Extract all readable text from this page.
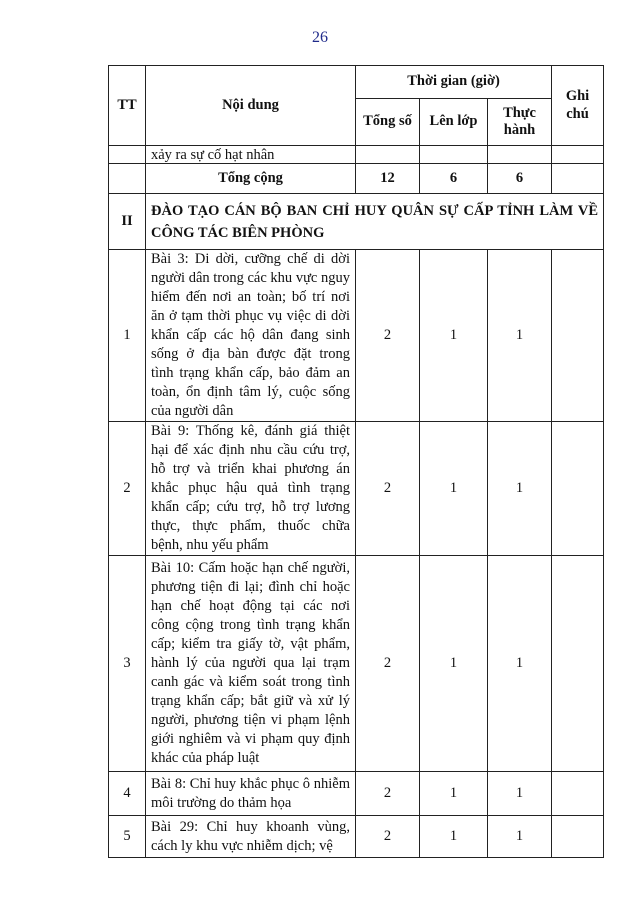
26
TT	Nội dung	Thời gian (giờ)			Ghi chú
		Tổng số	Lên lớp	Thực hành	
	xảy ra sự cố hạt nhân				
	Tổng cộng	12	6	6	
II	ĐÀO TẠO CÁN BỘ BAN CHỈ HUY QUÂN SỰ CẤP TỈNH LÀM VỀ CÔNG TÁC BIÊN PHÒNG				
1	Bài 3: Di dời, cưỡng chế di dời người dân trong các khu vực nguy hiểm đến nơi an toàn; bố trí nơi ăn ở tạm thời phục vụ việc di dời khẩn cấp các hộ dân đang sinh sống ở địa bàn được đặt trong tình trạng khẩn cấp, bảo đảm an toàn, ổn định tâm lý, cuộc sống của người dân	2	1	1	
2	Bài 9: Thống kê, đánh giá thiệt hại để xác định nhu cầu cứu trợ, hỗ trợ và triển khai phương án khắc phục hậu quả tình trạng khẩn cấp; cứu trợ, hỗ trợ lương thực, thực phẩm, thuốc chữa bệnh, nhu yếu phẩm	2	1	1	
3	Bài 10: Cấm hoặc hạn chế người, phương tiện đi lại; đình chỉ hoặc hạn chế hoạt động tại các nơi công cộng trong tình trạng khẩn cấp; kiểm tra giấy tờ, vật phẩm, hành lý của người qua lại trạm canh gác và kiểm soát trong tình trạng khẩn cấp; bắt giữ và xử lý người, phương tiện vi phạm lệnh giới nghiêm và vi phạm quy định khác của pháp luật	2	1	1	
4	Bài 8: Chỉ huy khắc phục ô nhiễm môi trường do thảm họa	2	1	1	
5	Bài 29: Chỉ huy khoanh vùng, cách ly khu vực nhiễm dịch; vệ	2	1	1	
